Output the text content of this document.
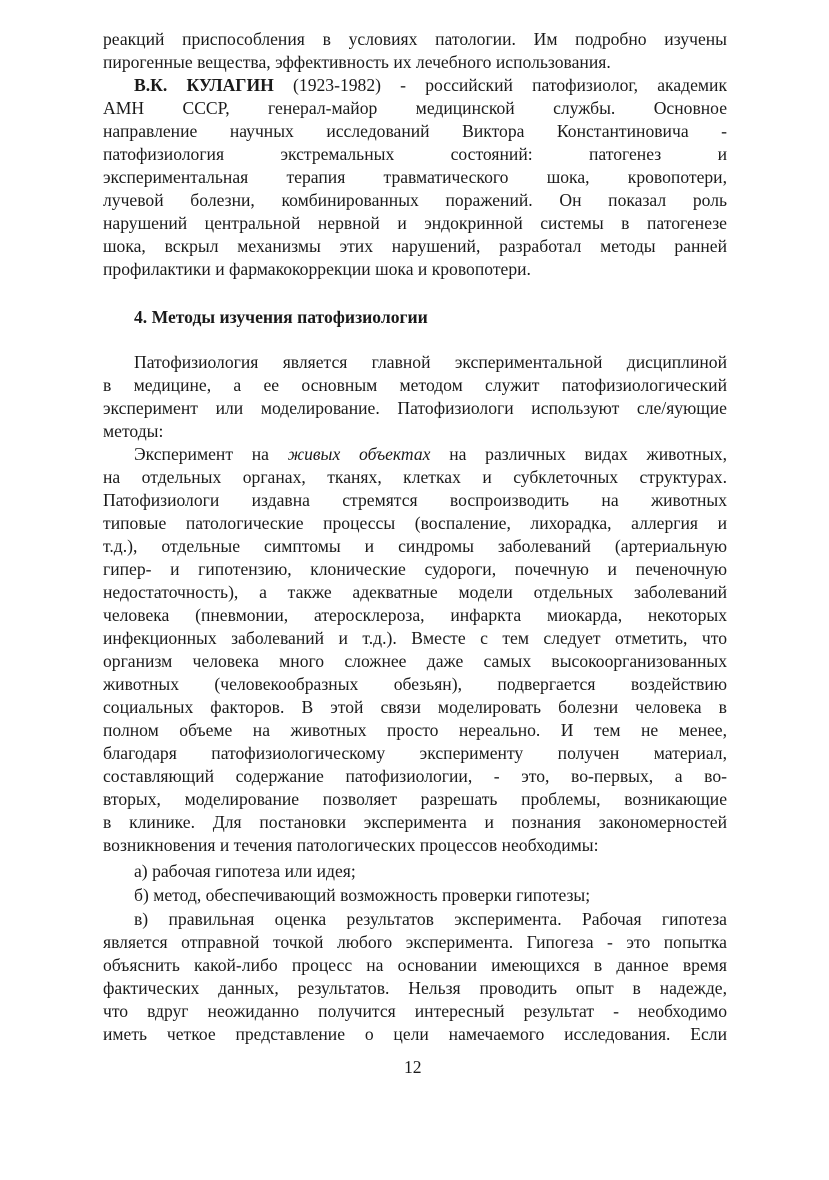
реакций приспособления в условиях патологии. Им подробно изучены
пирогенные вещества, эффективность их лечебного использования.
В.К. КУЛАГИН (1923-1982) - российский патофизиолог, академик
АМН СССР, генерал-майор медицинской службы. Основное
направление научных исследований Виктора Константиновича -
патофизиология экстремальных состояний: патогенез и
экспериментальная терапия травматического шока, кровопотери,
лучевой болезни, комбинированных поражений. Он показал роль
нарушений центральной нервной и эндокринной системы в патогенезе
шока, вскрыл механизмы этих нарушений, разработал методы ранней
профилактики и фармакокоррекции шока и кровопотери.
4. Методы изучения патофизиологии
Патофизиология является главной экспериментальной дисциплиной
в медицине, а ее основным методом служит патофизиологический
эксперимент или моделирование. Патофизиологи используют сле/яующие
методы:
Эксперимент на живых объектах на различных видах животных,
на отдельных органах, тканях, клетках и субклеточных структурах.
Патофизиологи издавна стремятся воспроизводить на животных
типовые патологические процессы (воспаление, лихорадка, аллергия и
т.д.), отдельные симптомы и синдромы заболеваний (артериальную
гипер- и гипотензию, клонические судороги, почечную и печеночную
недостаточность), а также адекватные модели отдельных заболеваний
человека (пневмонии, атеросклероза, инфаркта миокарда, некоторых
инфекционных заболеваний и т.д.). Вместе с тем следует отметить, что
организм человека много сложнее даже самых высокоорганизованных
животных (человекообразных обезьян), подвергается воздействию
социальных факторов. В этой связи моделировать болезни человека в
полном объеме на животных просто нереально. И тем не менее,
благодаря патофизиологическому эксперименту получен материал,
составляющий содержание патофизиологии, - это, во-первых, а во-
вторых, моделирование позволяет разрешать проблемы, возникающие
в клинике. Для постановки эксперимента и познания закономерностей
возникновения и течения патологических процессов необходимы:
а) рабочая гипотеза или идея;
б) метод, обеспечивающий возможность проверки гипотезы;
в) правильная оценка результатов эксперимента. Рабочая гипотеза
является отправной точкой любого эксперимента. Гипогеза - это попытка
объяснить какой-либо процесс на основании имеющихся в данное время
фактических данных, результатов. Нельзя проводить опыт в надежде,
что вдруг неожиданно получится интересный результат - необходимо
иметь четкое представление о цели намечаемого исследования. Если
12
